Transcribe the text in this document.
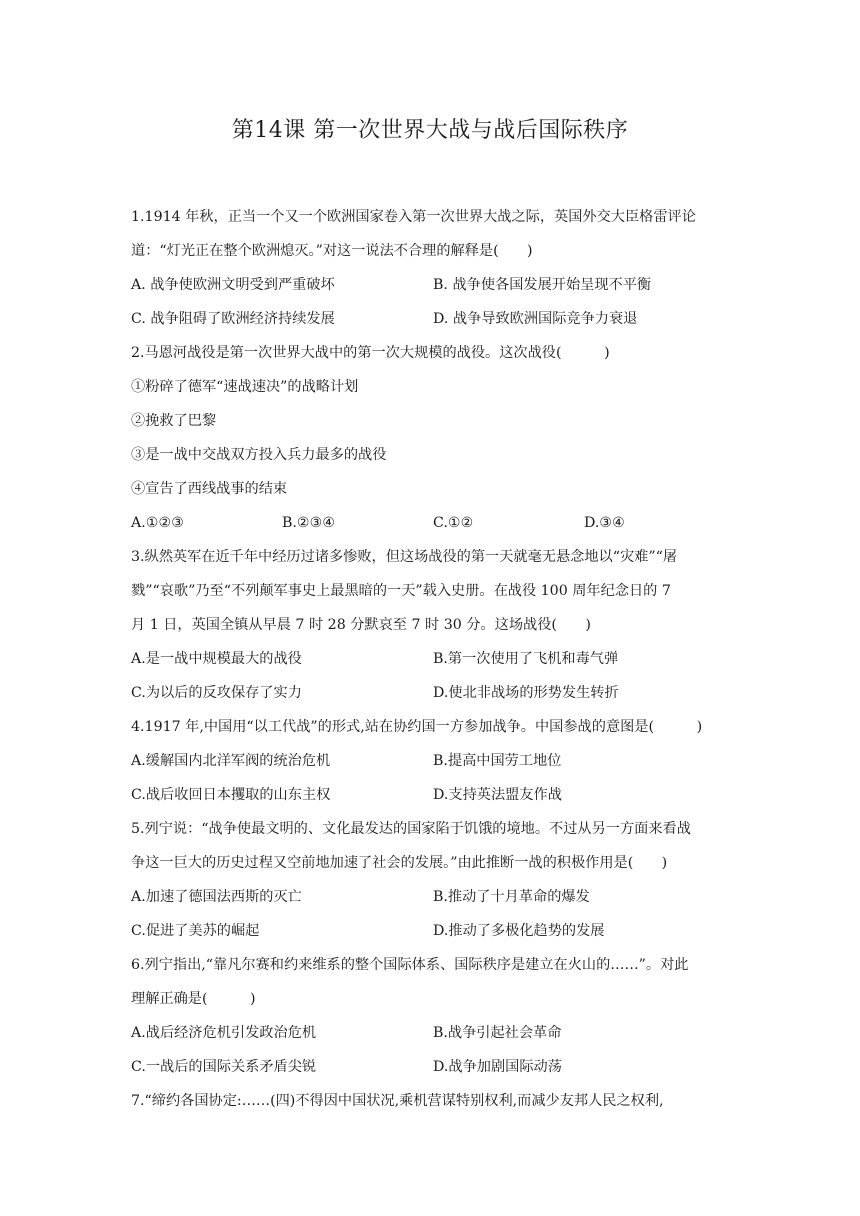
第14课 第一次世界大战与战后国际秩序
1.1914 年秋，正当一个又一个欧洲国家卷入第一次世界大战之际，英国外交大臣格雷评论
道：“灯光正在整个欧洲熄灭。”对这一说法不合理的解释是(　　)
A. 战争使欧洲文明受到严重破坏	B. 战争使各国发展开始呈现不平衡
C. 战争阻碍了欧洲经济持续发展	D. 战争导致欧洲国际竞争力衰退
2.马恩河战役是第一次世界大战中的第一次大规模的战役。这次战役(　　　)
①粉碎了德军“速战速决”的战略计划
②挽救了巴黎
③是一战中交战双方投入兵力最多的战役
④宣告了西线战事的结束
A.①②③	B.②③④	C.①②	D.③④
3.纵然英军在近千年中经历过诸多惨败，但这场战役的第一天就毫无悬念地以“灾难”“屠
戮”“哀歌”乃至“不列颠军事史上最黑暗的一天”载入史册。在战役 100 周年纪念日的 7
月 1 日，英国全镇从早晨 7 时 28 分默哀至 7 时 30 分。这场战役(　　)
A.是一战中规模最大的战役	B.第一次使用了飞机和毒气弹
C.为以后的反攻保存了实力	D.使北非战场的形势发生转折
4.1917 年,中国用“以工代战”的形式,站在协约国一方参加战争。中国参战的意图是(　　　)
A.缓解国内北洋军阀的统治危机	B.提高中国劳工地位
C.战后收回日本攫取的山东主权	D.支持英法盟友作战
5.列宁说：“战争使最文明的、文化最发达的国家陷于饥饿的境地。不过从另一方面来看战
争这一巨大的历史过程又空前地加速了社会的发展。”由此推断一战的积极作用是(　　)
A.加速了德国法西斯的灭亡	B.推动了十月革命的爆发
C.促进了美苏的崛起	D.推动了多极化趋势的发展
6.列宁指出,“靠凡尔赛和约来维系的整个国际体系、国际秩序是建立在火山的……”。对此
理解正确是(　　　)
A.战后经济危机引发政治危机	B.战争引起社会革命
C.一战后的国际关系矛盾尖锐	D.战争加剧国际动荡
7.“缔约各国协定:……(四)不得因中国状况,乘机营谋特别权利,而减少友邦人民之权利,
